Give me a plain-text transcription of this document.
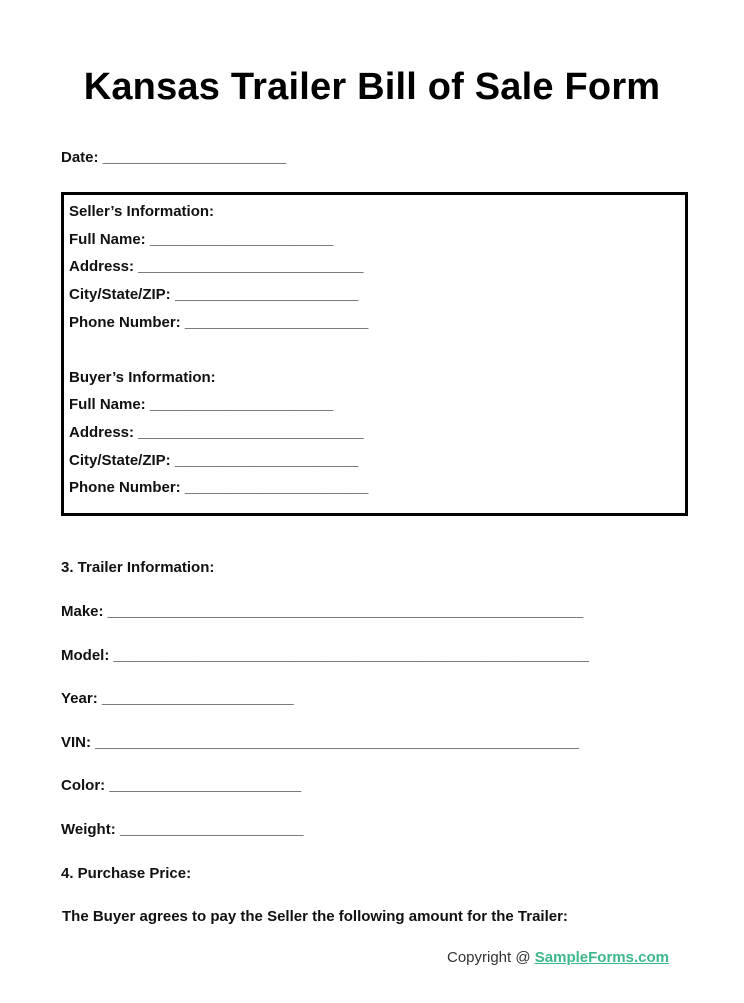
Kansas Trailer Bill of Sale Form
Date: ______________________
Seller’s Information:
Full Name: ______________________
Address: ___________________________
City/State/ZIP: ______________________
Phone Number: ______________________
Buyer’s Information:
Full Name: ______________________
Address: ___________________________
City/State/ZIP: ______________________
Phone Number: ______________________
3. Trailer Information:
Make: _________________________________________________________
Model: _________________________________________________________
Year: _______________________
VIN: __________________________________________________________
Color: _______________________
Weight: ______________________
4. Purchase Price:
The Buyer agrees to pay the Seller the following amount for the Trailer:
Copyright @ SampleForms.com
